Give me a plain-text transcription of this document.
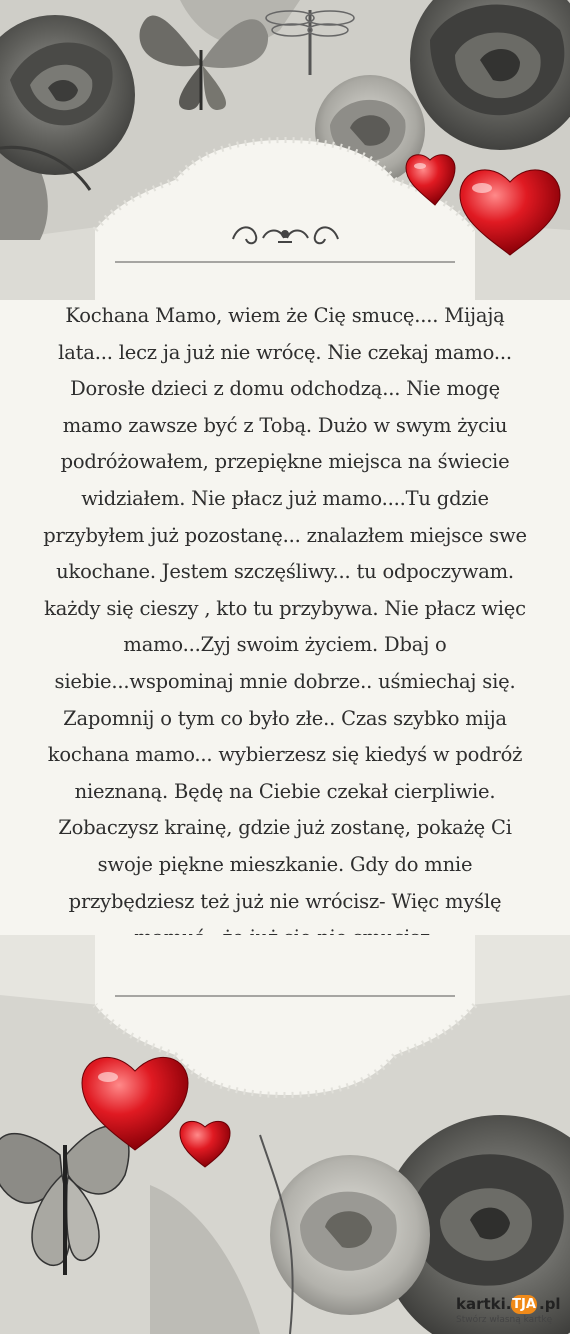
Kochana Mamo, wiem że Cię smucę.... Mijają lata... lecz ja już nie wrócę. Nie czekaj mamo... Dorosłe dzieci z domu odchodzą... Nie mogę mamo zawsze być z Tobą. Dużo w swym życiu podróżowałem, przepiękne miejsca na świecie widziałem. Nie płacz już mamo....Tu gdzie przybyłem już pozostanę... znalazłem miejsce swe ukochane. Jestem szczęśliwy... tu odpoczywam. każdy się cieszy , kto tu przybywa. Nie płacz więc mamo...Zyj swoim życiem. Dbaj o siebie...wspominaj mnie dobrze.. uśmiechaj się. Zapomnij o tym co było złe.. Czas szybko mija kochana mamo... wybierzesz się kiedyś w podróż nieznaną. Będę na Ciebie czekał cierpliwie. Zobaczysz krainę, gdzie już zostanę, pokażę Ci swoje piękne mieszkanie. Gdy do mnie przybędziesz też już nie wrócisz- Więc myślę

kartki. TJA .pl
Stwórz własną kartkę
